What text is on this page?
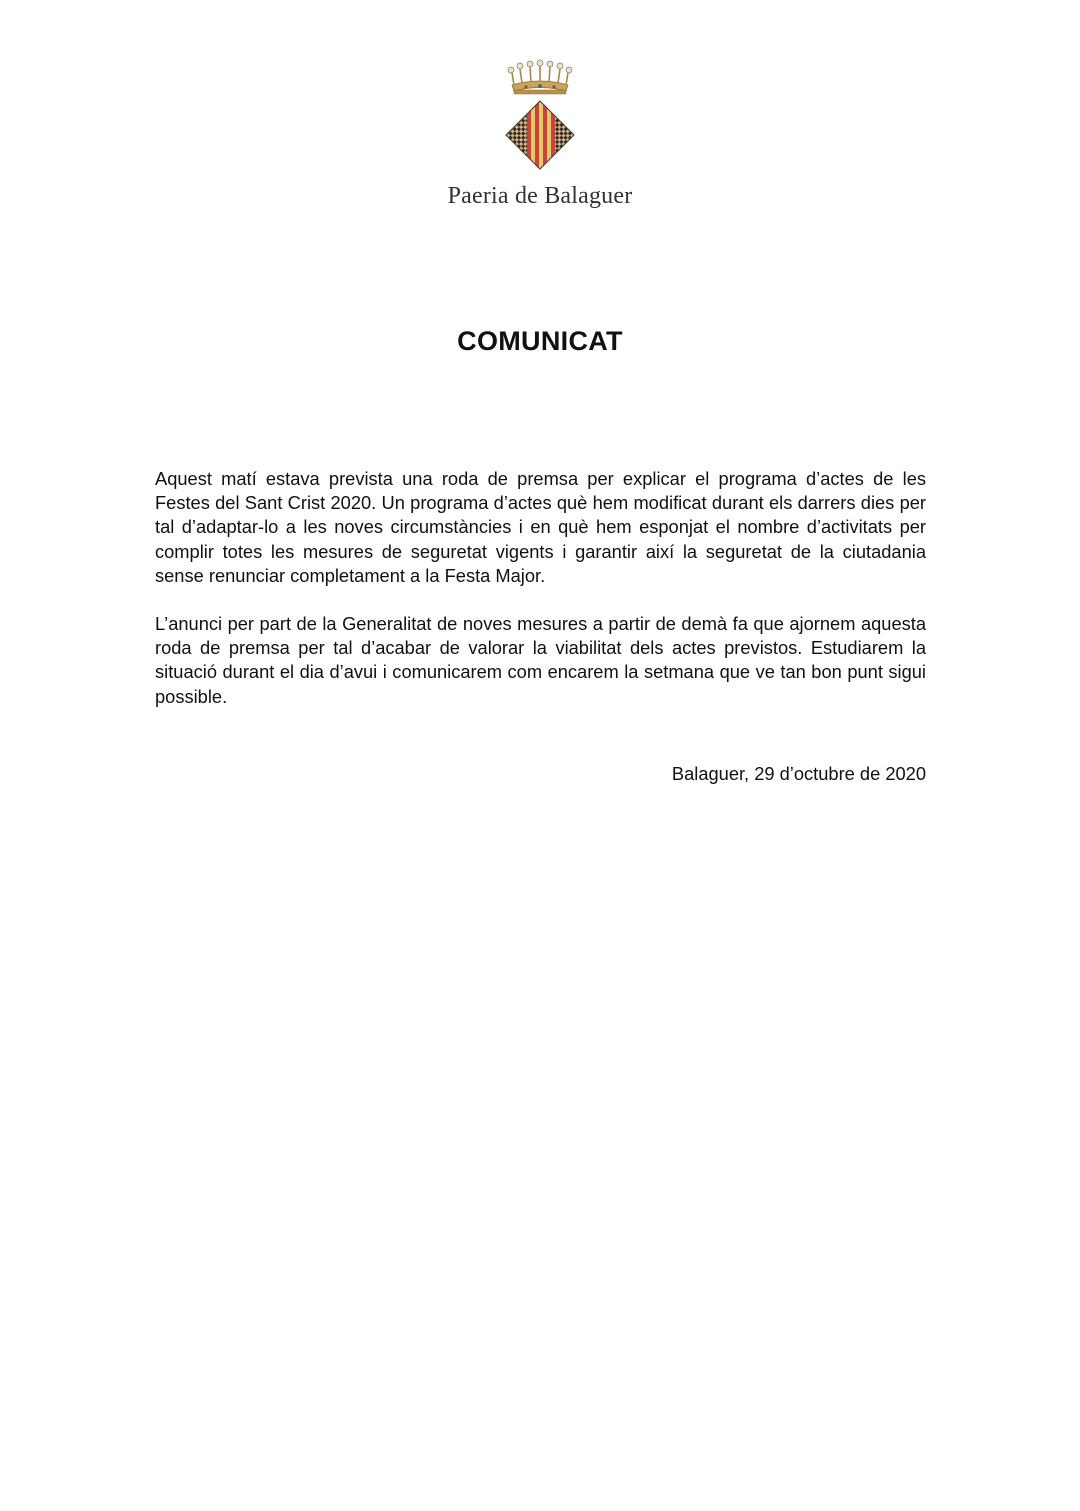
Paeria de Balaguer
COMUNICAT

Aquest matí estava prevista una roda de premsa per explicar el programa d’actes de les Festes del Sant Crist 2020. Un programa d’actes què hem modificat durant els darrers dies per tal d’adaptar-lo a les noves circumstàncies i en què hem esponjat el nombre d’activitats per complir totes les mesures de seguretat vigents i garantir així la seguretat de la ciutadania sense renunciar completament a la Festa Major.

L’anunci per part de la Generalitat de noves mesures a partir de demà fa que ajornem aquesta roda de premsa per tal d’acabar de valorar la viabilitat dels actes previstos. Estudiarem la situació durant el dia d’avui i comunicarem com encarem la setmana que ve tan bon punt sigui possible.

Balaguer, 29 d’octubre de 2020
